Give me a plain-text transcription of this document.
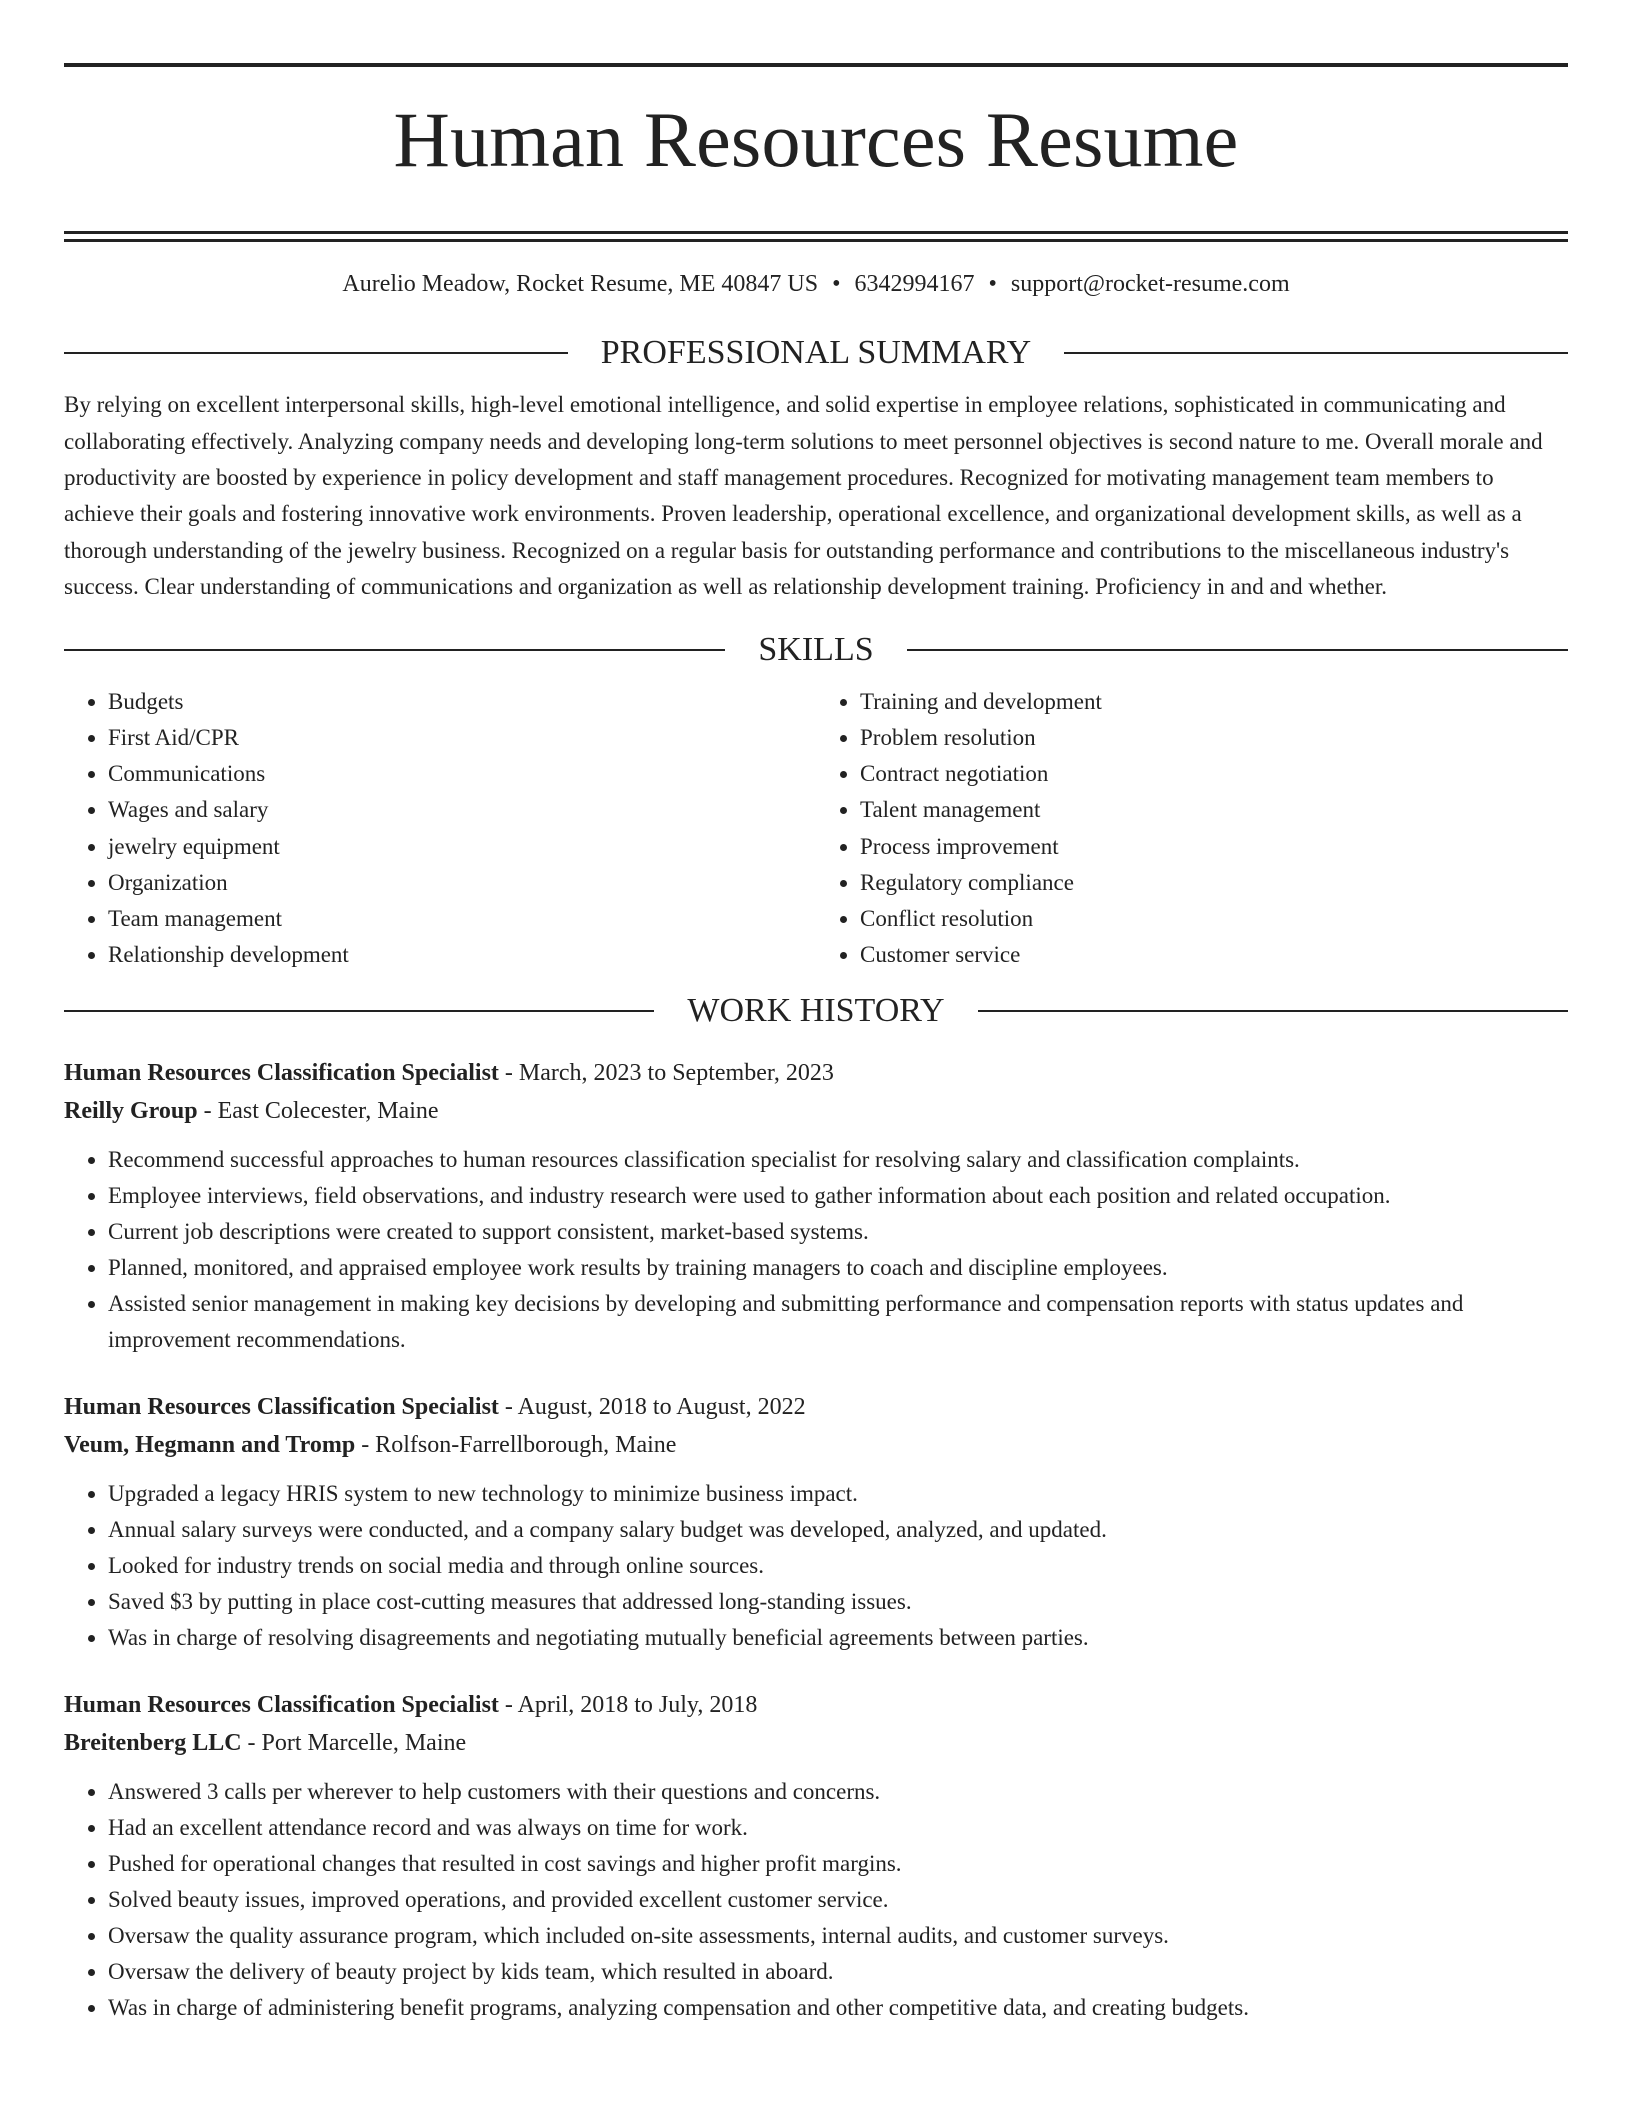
Human Resources Resume
Aurelio Meadow, Rocket Resume, ME 40847 US • 6342994167 • support@rocket-resume.com
PROFESSIONAL SUMMARY
By relying on excellent interpersonal skills, high-level emotional intelligence, and solid expertise in employee relations, sophisticated in communicating and collaborating effectively. Analyzing company needs and developing long-term solutions to meet personnel objectives is second nature to me. Overall morale and productivity are boosted by experience in policy development and staff management procedures. Recognized for motivating management team members to achieve their goals and fostering innovative work environments. Proven leadership, operational excellence, and organizational development skills, as well as a thorough understanding of the jewelry business. Recognized on a regular basis for outstanding performance and contributions to the miscellaneous industry's success. Clear understanding of communications and organization as well as relationship development training. Proficiency in and and whether.
SKILLS
• Budgets
• First Aid/CPR
• Communications
• Wages and salary
• jewelry equipment
• Organization
• Team management
• Relationship development
• Training and development
• Problem resolution
• Contract negotiation
• Talent management
• Process improvement
• Regulatory compliance
• Conflict resolution
• Customer service
WORK HISTORY
Human Resources Classification Specialist - March, 2023 to September, 2023
Reilly Group - East Colecester, Maine
• Recommend successful approaches to human resources classification specialist for resolving salary and classification complaints.
• Employee interviews, field observations, and industry research were used to gather information about each position and related occupation.
• Current job descriptions were created to support consistent, market-based systems.
• Planned, monitored, and appraised employee work results by training managers to coach and discipline employees.
• Assisted senior management in making key decisions by developing and submitting performance and compensation reports with status updates and improvement recommendations.
Human Resources Classification Specialist - August, 2018 to August, 2022
Veum, Hegmann and Tromp - Rolfson-Farrellborough, Maine
• Upgraded a legacy HRIS system to new technology to minimize business impact.
• Annual salary surveys were conducted, and a company salary budget was developed, analyzed, and updated.
• Looked for industry trends on social media and through online sources.
• Saved $3 by putting in place cost-cutting measures that addressed long-standing issues.
• Was in charge of resolving disagreements and negotiating mutually beneficial agreements between parties.
Human Resources Classification Specialist - April, 2018 to July, 2018
Breitenberg LLC - Port Marcelle, Maine
• Answered 3 calls per wherever to help customers with their questions and concerns.
• Had an excellent attendance record and was always on time for work.
• Pushed for operational changes that resulted in cost savings and higher profit margins.
• Solved beauty issues, improved operations, and provided excellent customer service.
• Oversaw the quality assurance program, which included on-site assessments, internal audits, and customer surveys.
• Oversaw the delivery of beauty project by kids team, which resulted in aboard.
• Was in charge of administering benefit programs, analyzing compensation and other competitive data, and creating budgets.
